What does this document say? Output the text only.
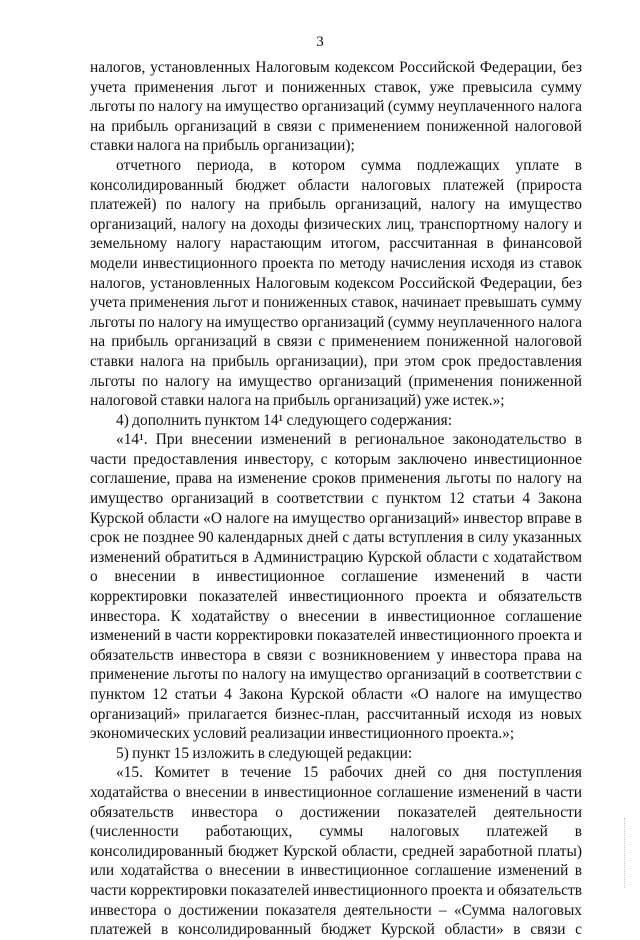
3
налогов, установленных Налоговым кодексом Российской Федерации, без
учета применения льгот и пониженных ставок, уже превысила сумму
льготы по налогу на имущество организаций (сумму неуплаченного налога
на прибыль организаций в связи с применением пониженной налоговой
ставки налога на прибыль организации);
отчетного периода, в котором сумма подлежащих уплате в
консолидированный бюджет области налоговых платежей (прироста
платежей) по налогу на прибыль организаций, налогу на имущество
организаций, налогу на доходы физических лиц, транспортному налогу и
земельному налогу нарастающим итогом, рассчитанная в финансовой
модели инвестиционного проекта по методу начисления исходя из ставок
налогов, установленных Налоговым кодексом Российской Федерации, без
учета применения льгот и пониженных ставок, начинает превышать сумму
льготы по налогу на имущество организаций (сумму неуплаченного налога
на прибыль организаций в связи с применением пониженной налоговой
ставки налога на прибыль организации), при этом срок предоставления
льготы по налогу на имущество организаций (применения пониженной
налоговой ставки налога на прибыль организаций) уже истек.»;
4) дополнить пунктом 14¹ следующего содержания:
«14¹. При внесении изменений в региональное законодательство в
части предоставления инвестору, с которым заключено инвестиционное
соглашение, права на изменение сроков применения льготы по налогу на
имущество организаций в соответствии с пунктом 12 статьи 4 Закона
Курской области «О налоге на имущество организаций» инвестор вправе в
срок не позднее 90 календарных дней с даты вступления в силу указанных
изменений обратиться в Администрацию Курской области с ходатайством
о внесении в инвестиционное соглашение изменений в части
корректировки показателей инвестиционного проекта и обязательств
инвестора. К ходатайству о внесении в инвестиционное соглашение
изменений в части корректировки показателей инвестиционного проекта и
обязательств инвестора в связи с возникновением у инвестора права на
применение льготы по налогу на имущество организаций в соответствии с
пунктом 12 статьи 4 Закона Курской области «О налоге на имущество
организаций» прилагается бизнес-план, рассчитанный исходя из новых
экономических условий реализации инвестиционного проекта.»;
5) пункт 15 изложить в следующей редакции:
«15. Комитет в течение 15 рабочих дней со дня поступления
ходатайства о внесении в инвестиционное соглашение изменений в части
обязательств инвестора о достижении показателей деятельности
(численности работающих, суммы налоговых платежей в
консолидированный бюджет Курской области, средней заработной платы)
или ходатайства о внесении в инвестиционное соглашение изменений в
части корректировки показателей инвестиционного проекта и обязательств
инвестора о достижении показателя деятельности – «Сумма налоговых
платежей в консолидированный бюджет Курской области» в связи с
